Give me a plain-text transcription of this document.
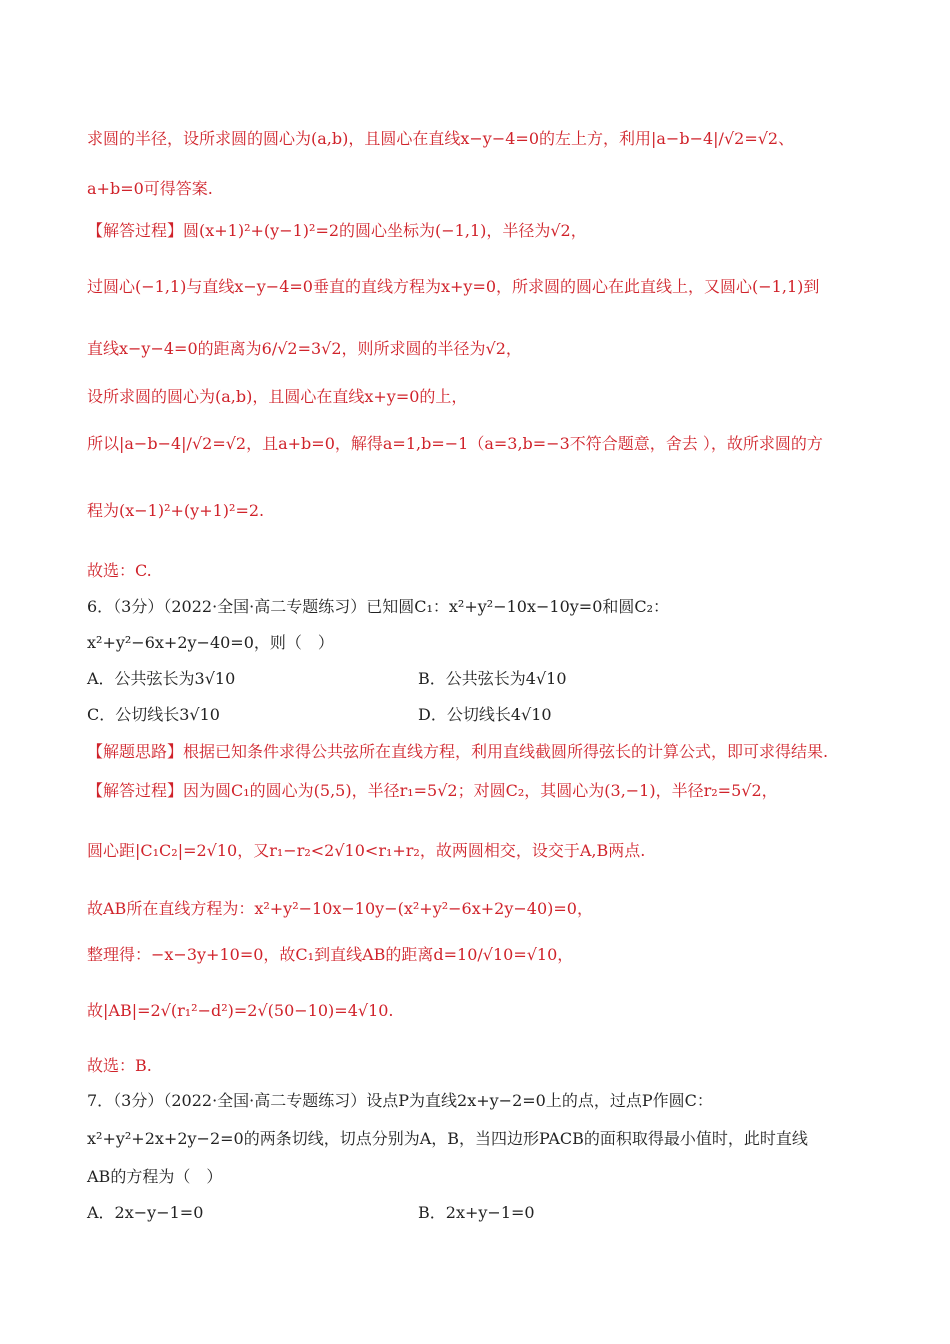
求圆的半径，设所求圆的圆心为(a,b)，且圆心在直线x−y−4=0的左上方，利用|a−b−4|/√2=√2、
a+b=0可得答案.
【解答过程】圆(x+1)²+(y−1)²=2的圆心坐标为(−1,1)，半径为√2，
过圆心(−1,1)与直线x−y−4=0垂直的直线方程为x+y=0，所求圆的圆心在此直线上，又圆心(−1,1)到
直线x−y−4=0的距离为6/√2=3√2，则所求圆的半径为√2，
设所求圆的圆心为(a,b)，且圆心在直线x+y=0的上，
所以|a−b−4|/√2=√2，且a+b=0，解得a=1,b=−1（a=3,b=−3不符合题意，舍去 ），故所求圆的方
程为(x−1)²+(y+1)²=2.
故选：C.
6．（3分）（2022·全国·高二专题练习）已知圆C₁：x²+y²−10x−10y=0和圆C₂：
x²+y²−6x+2y−40=0，则（　）
A．公共弦长为3√10	B．公共弦长为4√10
C．公切线长3√10	D．公切线长4√10
【解题思路】根据已知条件求得公共弦所在直线方程，利用直线截圆所得弦长的计算公式，即可求得结果.
【解答过程】因为圆C₁的圆心为(5,5)，半径r₁=5√2；对圆C₂，其圆心为(3,−1)，半径r₂=5√2，
圆心距|C₁C₂|=2√10，又r₁−r₂<2√10<r₁+r₂，故两圆相交，设交于A,B两点.
故AB所在直线方程为：x²+y²−10x−10y−(x²+y²−6x+2y−40)=0，
整理得：−x−3y+10=0，故C₁到直线AB的距离d=10/√10=√10，
故|AB|=2√(r₁²−d²)=2√(50−10)=4√10.
故选：B.
7．（3分）（2022·全国·高二专题练习）设点P为直线2x+y−2=0上的点，过点P作圆C：
x²+y²+2x+2y−2=0的两条切线，切点分别为A，B，当四边形PACB的面积取得最小值时，此时直线
AB的方程为（　）
A．2x−y−1=0	B．2x+y−1=0
